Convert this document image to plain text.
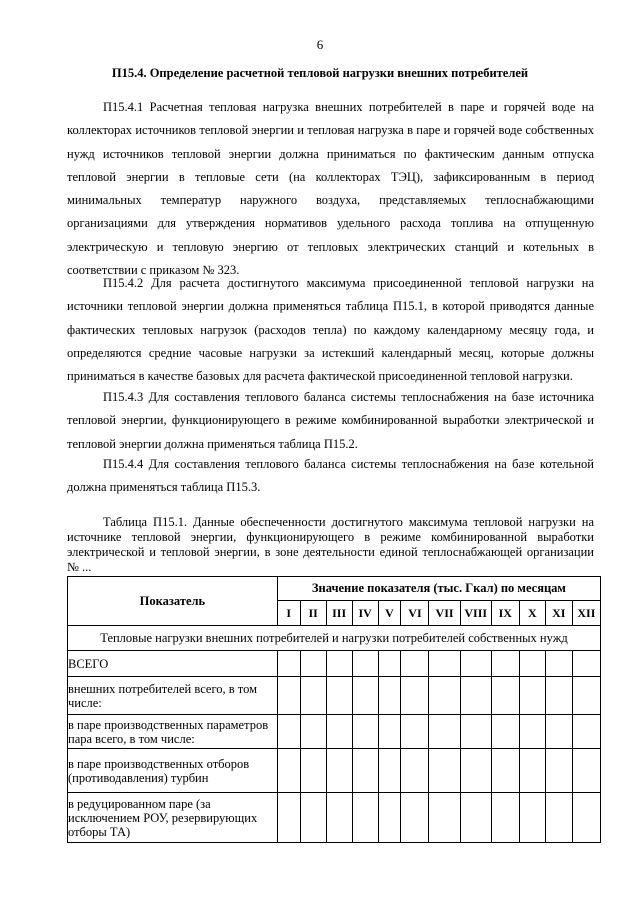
6
П15.4. Определение расчетной тепловой нагрузки внешних потребителей

П15.4.1 Расчетная тепловая нагрузка внешних потребителей в паре и горячей воде на коллекторах источников тепловой энергии и тепловая нагрузка в паре и горячей воде собственных нужд источников тепловой энергии должна приниматься по фактическим данным отпуска тепловой энергии в тепловые сети (на коллекторах ТЭЦ), зафиксированным в период минимальных температур наружного воздуха, представляемых теплоснабжающими организациями для утверждения нормативов удельного расхода топлива на отпущенную электрическую и тепловую энергию от тепловых электрических станций и котельных в соответствии с приказом № 323.

П15.4.2 Для расчета достигнутого максимума присоединенной тепловой нагрузки на источники тепловой энергии должна применяться таблица П15.1, в которой приводятся данные фактических тепловых нагрузок (расходов тепла) по каждому календарному месяцу года, и определяются средние часовые нагрузки за истекший календарный месяц, которые должны приниматься в качестве базовых для расчета фактической присоединенной тепловой нагрузки.

П15.4.3 Для составления теплового баланса системы теплоснабжения на базе источника тепловой энергии, функционирующего в режиме комбинированной выработки электрической и тепловой энергии должна применяться таблица П15.2.

П15.4.4 Для составления теплового баланса системы теплоснабжения на базе котельной должна применяться таблица П15.3.

Таблица П15.1. Данные обеспеченности достигнутого максимума тепловой нагрузки на источнике тепловой энергии, функционирующего в режиме комбинированной выработки электрической и тепловой энергии, в зоне деятельности единой теплоснабжающей организации № ...

Показатель	Значение показателя (тыс. Гкал) по месяцам											
	I	II	III	IV	V	VI	VII	VIII	IX	X	XI	XII
Тепловые нагрузки внешних потребителей и нагрузки потребителей собственных нужд												
ВСЕГО												
внешних потребителей всего, в том числе:												
в паре производственных параметров пара всего, в том числе:												
в паре производственных отборов (противодавления) турбин												
в редуцированном паре (за исключением РОУ, резервирующих отборы ТА)												
